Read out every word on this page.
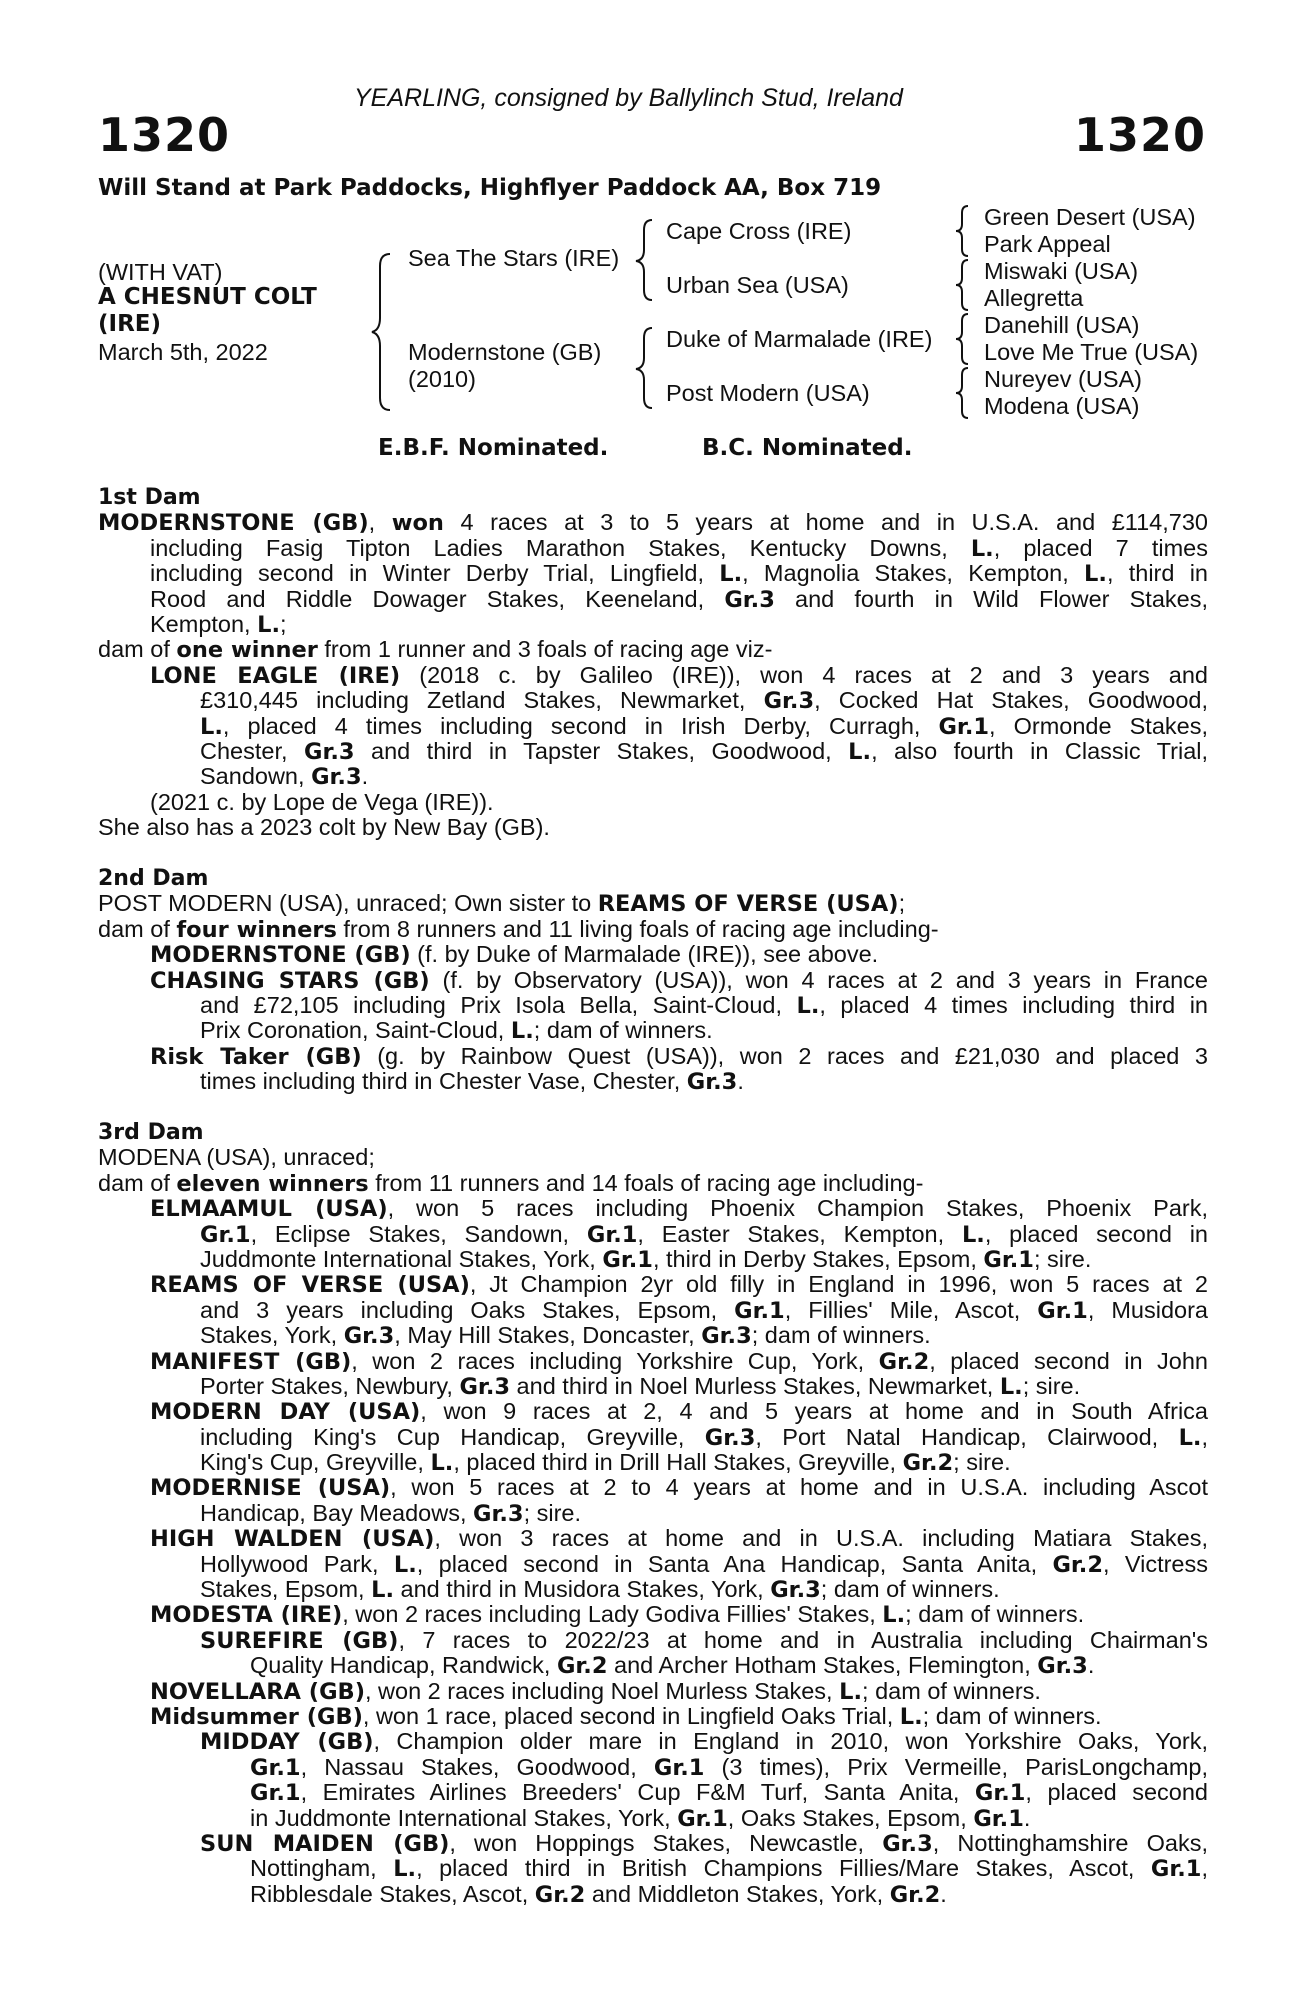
YEARLING, consigned by Ballylinch Stud, Ireland
1320	1320
Will Stand at Park Paddocks, Highflyer Paddock AA, Box 719
(WITH VAT)
A CHESNUT COLT
(IRE)
March 5th, 2022
Sea The Stars (IRE)
Modernstone (GB)
(2010)
Cape Cross (IRE)
Urban Sea (USA)
Duke of Marmalade (IRE)
Post Modern (USA)
Green Desert (USA)
Park Appeal
Miswaki (USA)
Allegretta
Danehill (USA)
Love Me True (USA)
Nureyev (USA)
Modena (USA)
E.B.F. Nominated.	B.C. Nominated.
1st Dam
MODERNSTONE (GB), won 4 races at 3 to 5 years at home and in U.S.A. and £114,730
including Fasig Tipton Ladies Marathon Stakes, Kentucky Downs, L., placed 7 times
including second in Winter Derby Trial, Lingfield, L., Magnolia Stakes, Kempton, L., third in
Rood and Riddle Dowager Stakes, Keeneland, Gr.3 and fourth in Wild Flower Stakes,
Kempton, L.;
dam of one winner from 1 runner and 3 foals of racing age viz-
LONE EAGLE (IRE) (2018 c. by Galileo (IRE)), won 4 races at 2 and 3 years and
£310,445 including Zetland Stakes, Newmarket, Gr.3, Cocked Hat Stakes, Goodwood,
L., placed 4 times including second in Irish Derby, Curragh, Gr.1, Ormonde Stakes,
Chester, Gr.3 and third in Tapster Stakes, Goodwood, L., also fourth in Classic Trial,
Sandown, Gr.3.
(2021 c. by Lope de Vega (IRE)).
She also has a 2023 colt by New Bay (GB).
2nd Dam
POST MODERN (USA), unraced; Own sister to REAMS OF VERSE (USA);
dam of four winners from 8 runners and 11 living foals of racing age including-
MODERNSTONE (GB) (f. by Duke of Marmalade (IRE)), see above.
CHASING STARS (GB) (f. by Observatory (USA)), won 4 races at 2 and 3 years in France
and £72,105 including Prix Isola Bella, Saint-Cloud, L., placed 4 times including third in
Prix Coronation, Saint-Cloud, L.; dam of winners.
Risk Taker (GB) (g. by Rainbow Quest (USA)), won 2 races and £21,030 and placed 3
times including third in Chester Vase, Chester, Gr.3.
3rd Dam
MODENA (USA), unraced;
dam of eleven winners from 11 runners and 14 foals of racing age including-
ELMAAMUL (USA), won 5 races including Phoenix Champion Stakes, Phoenix Park,
Gr.1, Eclipse Stakes, Sandown, Gr.1, Easter Stakes, Kempton, L., placed second in
Juddmonte International Stakes, York, Gr.1, third in Derby Stakes, Epsom, Gr.1; sire.
REAMS OF VERSE (USA), Jt Champion 2yr old filly in England in 1996, won 5 races at 2
and 3 years including Oaks Stakes, Epsom, Gr.1, Fillies' Mile, Ascot, Gr.1, Musidora
Stakes, York, Gr.3, May Hill Stakes, Doncaster, Gr.3; dam of winners.
MANIFEST (GB), won 2 races including Yorkshire Cup, York, Gr.2, placed second in John
Porter Stakes, Newbury, Gr.3 and third in Noel Murless Stakes, Newmarket, L.; sire.
MODERN DAY (USA), won 9 races at 2, 4 and 5 years at home and in South Africa
including King's Cup Handicap, Greyville, Gr.3, Port Natal Handicap, Clairwood, L.,
King's Cup, Greyville, L., placed third in Drill Hall Stakes, Greyville, Gr.2; sire.
MODERNISE (USA), won 5 races at 2 to 4 years at home and in U.S.A. including Ascot
Handicap, Bay Meadows, Gr.3; sire.
HIGH WALDEN (USA), won 3 races at home and in U.S.A. including Matiara Stakes,
Hollywood Park, L., placed second in Santa Ana Handicap, Santa Anita, Gr.2, Victress
Stakes, Epsom, L. and third in Musidora Stakes, York, Gr.3; dam of winners.
MODESTA (IRE), won 2 races including Lady Godiva Fillies' Stakes, L.; dam of winners.
SUREFIRE (GB), 7 races to 2022/23 at home and in Australia including Chairman's
Quality Handicap, Randwick, Gr.2 and Archer Hotham Stakes, Flemington, Gr.3.
NOVELLARA (GB), won 2 races including Noel Murless Stakes, L.; dam of winners.
Midsummer (GB), won 1 race, placed second in Lingfield Oaks Trial, L.; dam of winners.
MIDDAY (GB), Champion older mare in England in 2010, won Yorkshire Oaks, York,
Gr.1, Nassau Stakes, Goodwood, Gr.1 (3 times), Prix Vermeille, ParisLongchamp,
Gr.1, Emirates Airlines Breeders' Cup F&M Turf, Santa Anita, Gr.1, placed second
in Juddmonte International Stakes, York, Gr.1, Oaks Stakes, Epsom, Gr.1.
SUN MAIDEN (GB), won Hoppings Stakes, Newcastle, Gr.3, Nottinghamshire Oaks,
Nottingham, L., placed third in British Champions Fillies/Mare Stakes, Ascot, Gr.1,
Ribblesdale Stakes, Ascot, Gr.2 and Middleton Stakes, York, Gr.2.
